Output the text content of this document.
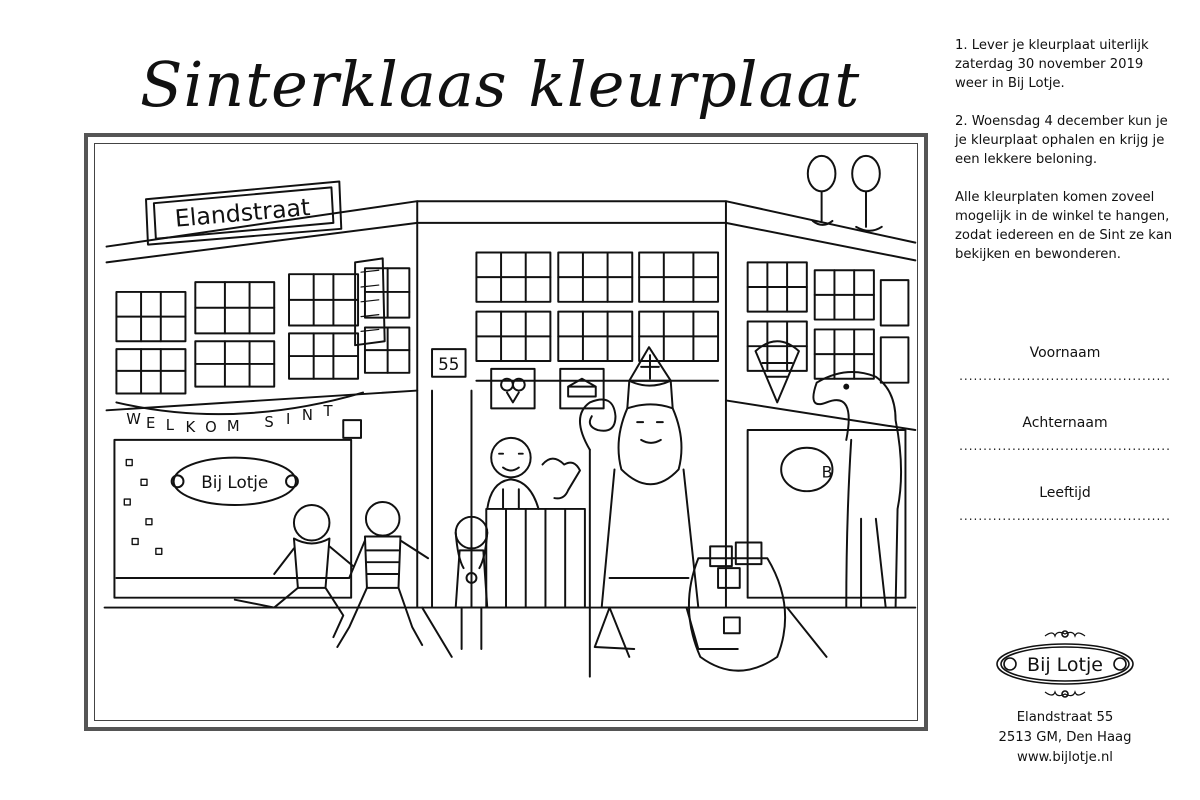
Sinterklaas kleurplaat
Elandstraat
W E L K O M S I N T
Bij Lotje
55
B

1. Lever je kleurplaat uiterlijk zaterdag 30 november 2019 weer in Bij Lotje.

2. Woensdag 4 december kun je je kleurplaat ophalen en krijg je een lekkere beloning.

Alle kleurplaten komen zoveel mogelijk in de winkel te hangen, zodat iedereen en de Sint ze kan bekijken en bewonderen.

Voornaam
............................................
Achternaam
............................................
Leeftijd
............................................
Bij Lotje
Elandstraat 55
2513 GM, Den Haag
www.bijlotje.nl
